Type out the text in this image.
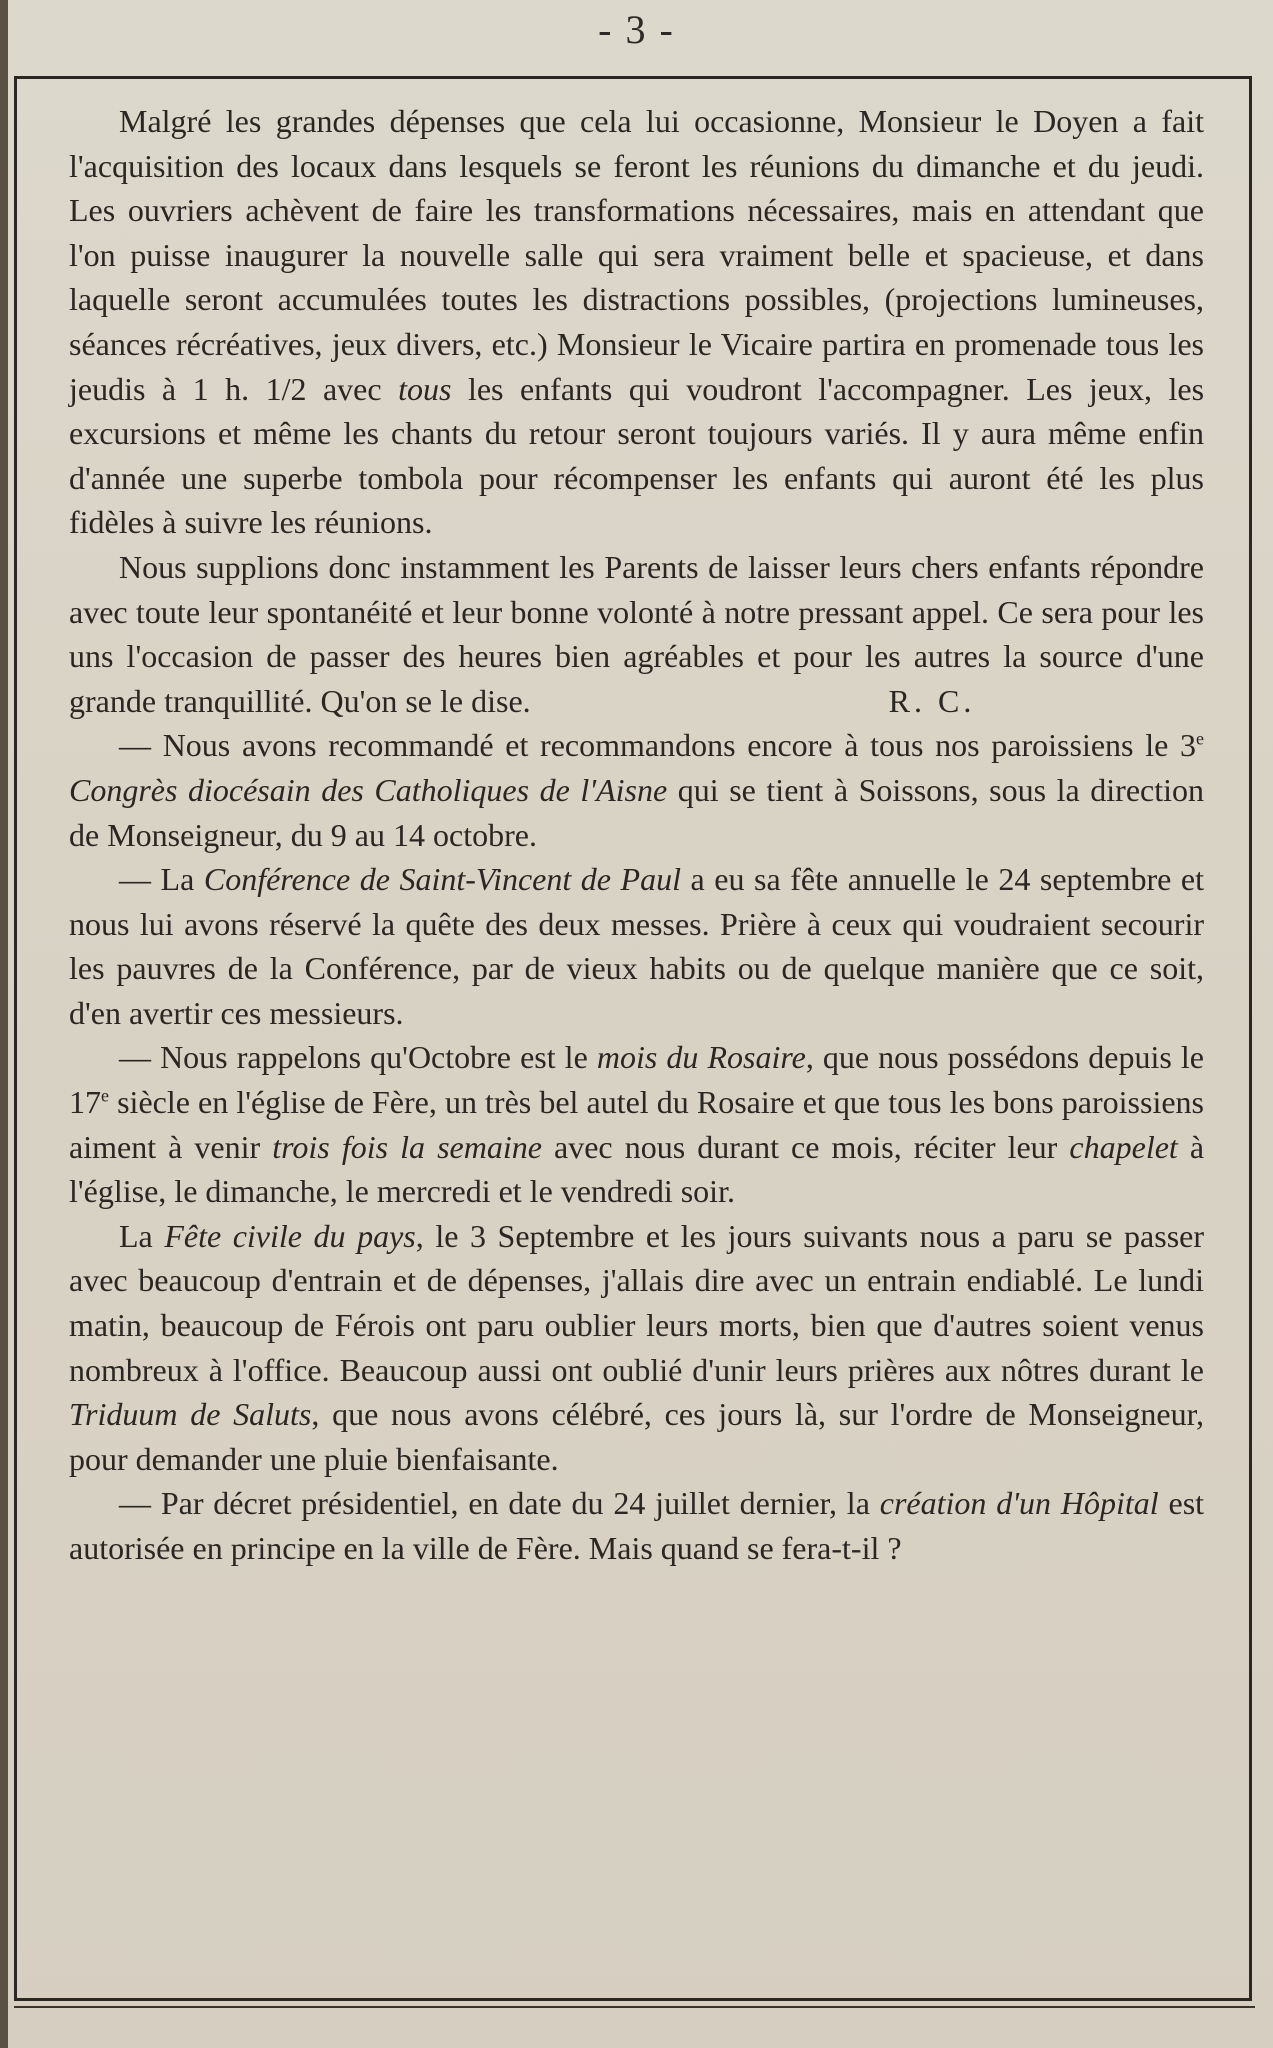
- 3 -

Malgré les grandes dépenses que cela lui occasionne, Monsieur le Doyen a fait l'acquisition des locaux dans lesquels se feront les réunions du dimanche et du jeudi. Les ouvriers achèvent de faire les transformations nécessaires, mais en attendant que l'on puisse inaugurer la nouvelle salle qui sera vraiment belle et spacieuse, et dans laquelle seront accumulées toutes les distractions possibles, (projections lumineuses, séances récréatives, jeux divers, etc.) Monsieur le Vicaire partira en promenade tous les jeudis à 1 h. 1/2 avec tous les enfants qui voudront l'accompagner. Les jeux, les excursions et même les chants du retour seront toujours variés. Il y aura même enfin d'année une superbe tombola pour récompenser les enfants qui auront été les plus fidèles à suivre les réunions.

Nous supplions donc instamment les Parents de laisser leurs chers enfants répondre avec toute leur spontanéité et leur bonne volonté à notre pressant appel. Ce sera pour les uns l'occasion de passer des heures bien agréables et pour les autres la source d'une grande tranquillité. Qu'on se le dise.	R. C.

— Nous avons recommandé et recommandons encore à tous nos paroissiens le 3e Congrès diocésain des Catholiques de l'Aisne qui se tient à Soissons, sous la direction de Monseigneur, du 9 au 14 octobre.

— La Conférence de Saint-Vincent de Paul a eu sa fête annuelle le 24 septembre et nous lui avons réservé la quête des deux messes. Prière à ceux qui voudraient secourir les pauvres de la Conférence, par de vieux habits ou de quelque manière que ce soit, d'en avertir ces messieurs.

— Nous rappelons qu'Octobre est le mois du Rosaire, que nous possédons depuis le 17e siècle en l'église de Fère, un très bel autel du Rosaire et que tous les bons paroissiens aiment à venir trois fois la semaine avec nous durant ce mois, réciter leur chapelet à l'église, le dimanche, le mercredi et le vendredi soir.

La Fête civile du pays, le 3 Septembre et les jours suivants nous a paru se passer avec beaucoup d'entrain et de dépenses, j'allais dire avec un entrain endiablé. Le lundi matin, beaucoup de Férois ont paru oublier leurs morts, bien que d'autres soient venus nombreux à l'office. Beaucoup aussi ont oublié d'unir leurs prières aux nôtres durant le Triduum de Saluts, que nous avons célébré, ces jours là, sur l'ordre de Monseigneur, pour demander une pluie bienfaisante.

— Par décret présidentiel, en date du 24 juillet dernier, la création d'un Hôpital est autorisée en principe en la ville de Fère. Mais quand se fera-t-il ?
